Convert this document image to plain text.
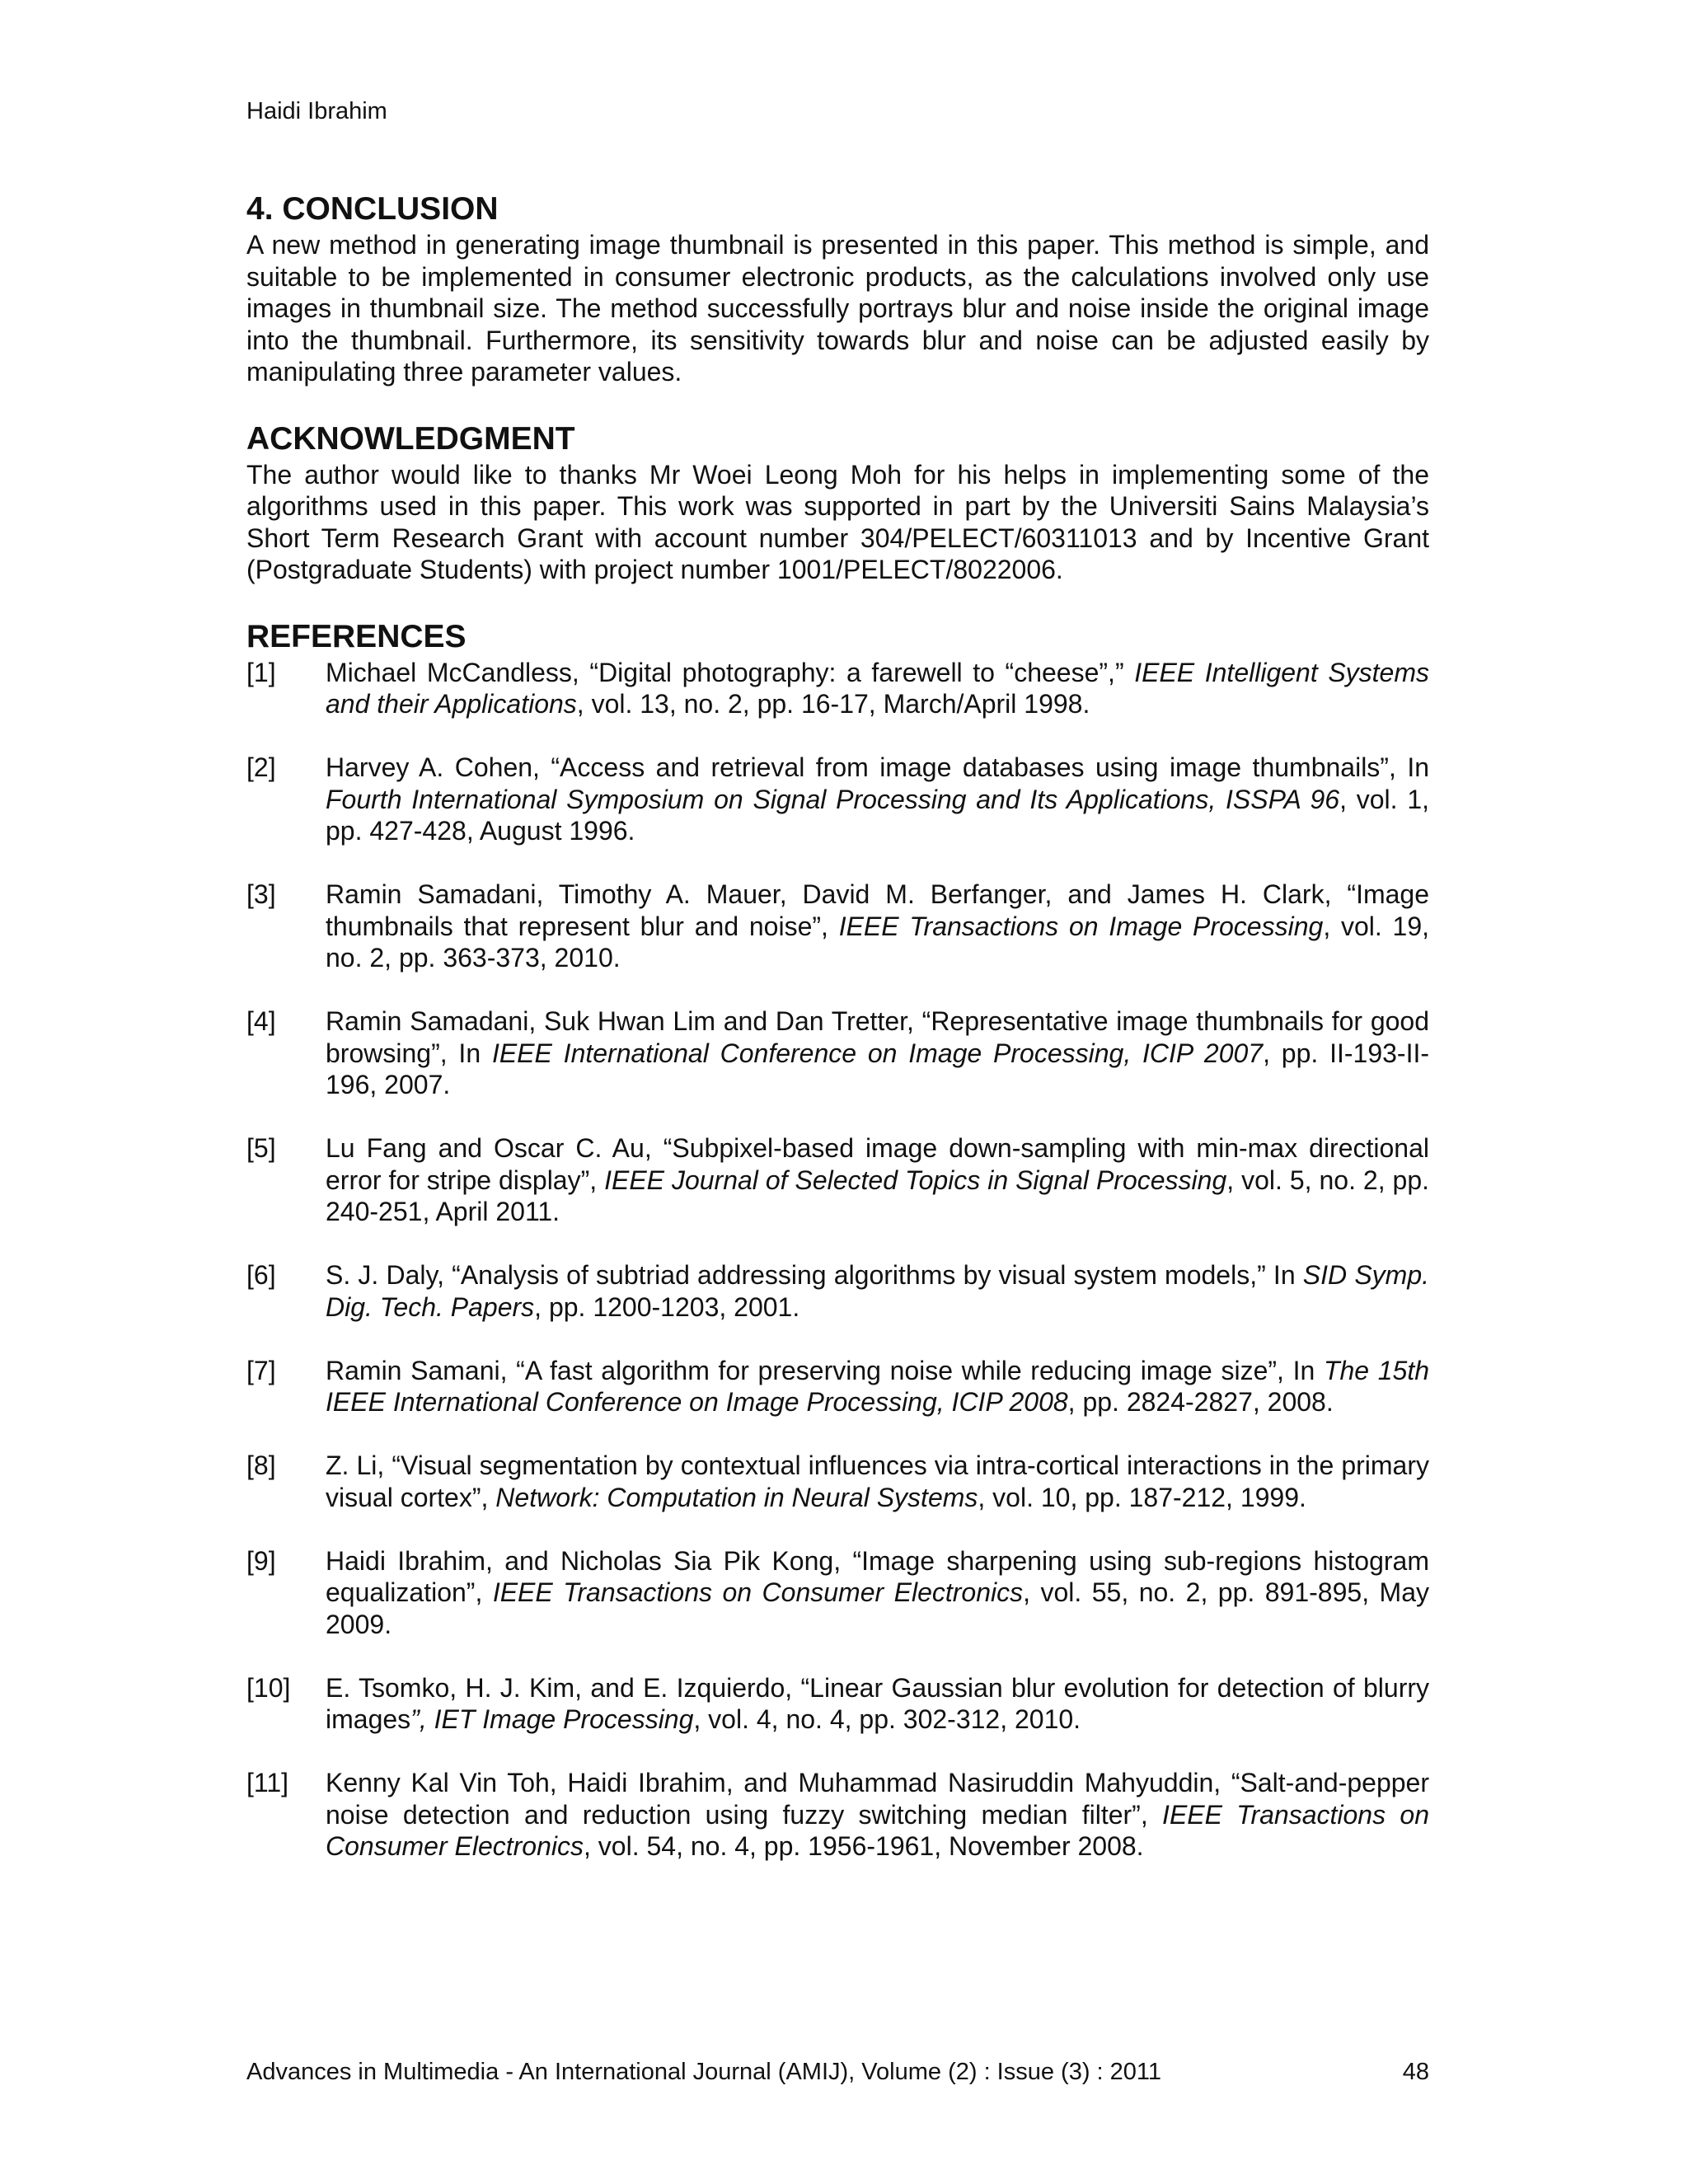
Haidi Ibrahim
4. CONCLUSION

A new method in generating image thumbnail is presented in this paper. This method is simple, and suitable to be implemented in consumer electronic products, as the calculations involved only use images in thumbnail size. The method successfully portrays blur and noise inside the original image into the thumbnail. Furthermore, its sensitivity towards blur and noise can be adjusted easily by manipulating three parameter values.

ACKNOWLEDGMENT

The author would like to thanks Mr Woei Leong Moh for his helps in implementing some of the algorithms used in this paper. This work was supported in part by the Universiti Sains Malaysia’s Short Term Research Grant with account number 304/PELECT/60311013 and by Incentive Grant (Postgraduate Students) with project number 1001/PELECT/8022006.

REFERENCES
[1] Michael McCandless, “Digital photography: a farewell to “cheese”,” IEEE Intelligent Systems and their Applications, vol. 13, no. 2, pp. 16-17, March/April 1998.
[2] Harvey A. Cohen, “Access and retrieval from image databases using image thumbnails”, In Fourth International Symposium on Signal Processing and Its Applications, ISSPA 96, vol. 1, pp. 427-428, August 1996.
[3] Ramin Samadani, Timothy A. Mauer, David M. Berfanger, and James H. Clark, “Image thumbnails that represent blur and noise”, IEEE Transactions on Image Processing, vol. 19, no. 2, pp. 363-373, 2010.
[4] Ramin Samadani, Suk Hwan Lim and Dan Tretter, “Representative image thumbnails for good browsing”, In IEEE International Conference on Image Processing, ICIP 2007, pp. II-193-II-196, 2007.
[5] Lu Fang and Oscar C. Au, “Subpixel-based image down-sampling with min-max directional error for stripe display”, IEEE Journal of Selected Topics in Signal Processing, vol. 5, no. 2, pp. 240-251, April 2011.
[6] S. J. Daly, “Analysis of subtriad addressing algorithms by visual system models,” In SID Symp. Dig. Tech. Papers, pp. 1200-1203, 2001.
[7] Ramin Samani, “A fast algorithm for preserving noise while reducing image size”, In The 15th IEEE International Conference on Image Processing, ICIP 2008, pp. 2824-2827, 2008.
[8] Z. Li, “Visual segmentation by contextual influences via intra-cortical interactions in the primary visual cortex”, Network: Computation in Neural Systems, vol. 10, pp. 187-212, 1999.
[9] Haidi Ibrahim, and Nicholas Sia Pik Kong, “Image sharpening using sub-regions histogram equalization”, IEEE Transactions on Consumer Electronics, vol. 55, no. 2, pp. 891-895, May 2009.
[10] E. Tsomko, H. J. Kim, and E. Izquierdo, “Linear Gaussian blur evolution for detection of blurry images”, IET Image Processing, vol. 4, no. 4, pp. 302-312, 2010.
[11] Kenny Kal Vin Toh, Haidi Ibrahim, and Muhammad Nasiruddin Mahyuddin, “Salt-and-pepper noise detection and reduction using fuzzy switching median filter”, IEEE Transactions on Consumer Electronics, vol. 54, no. 4, pp. 1956-1961, November 2008.
Advances in Multimedia - An International Journal (AMIJ), Volume (2) : Issue (3) : 2011	48
